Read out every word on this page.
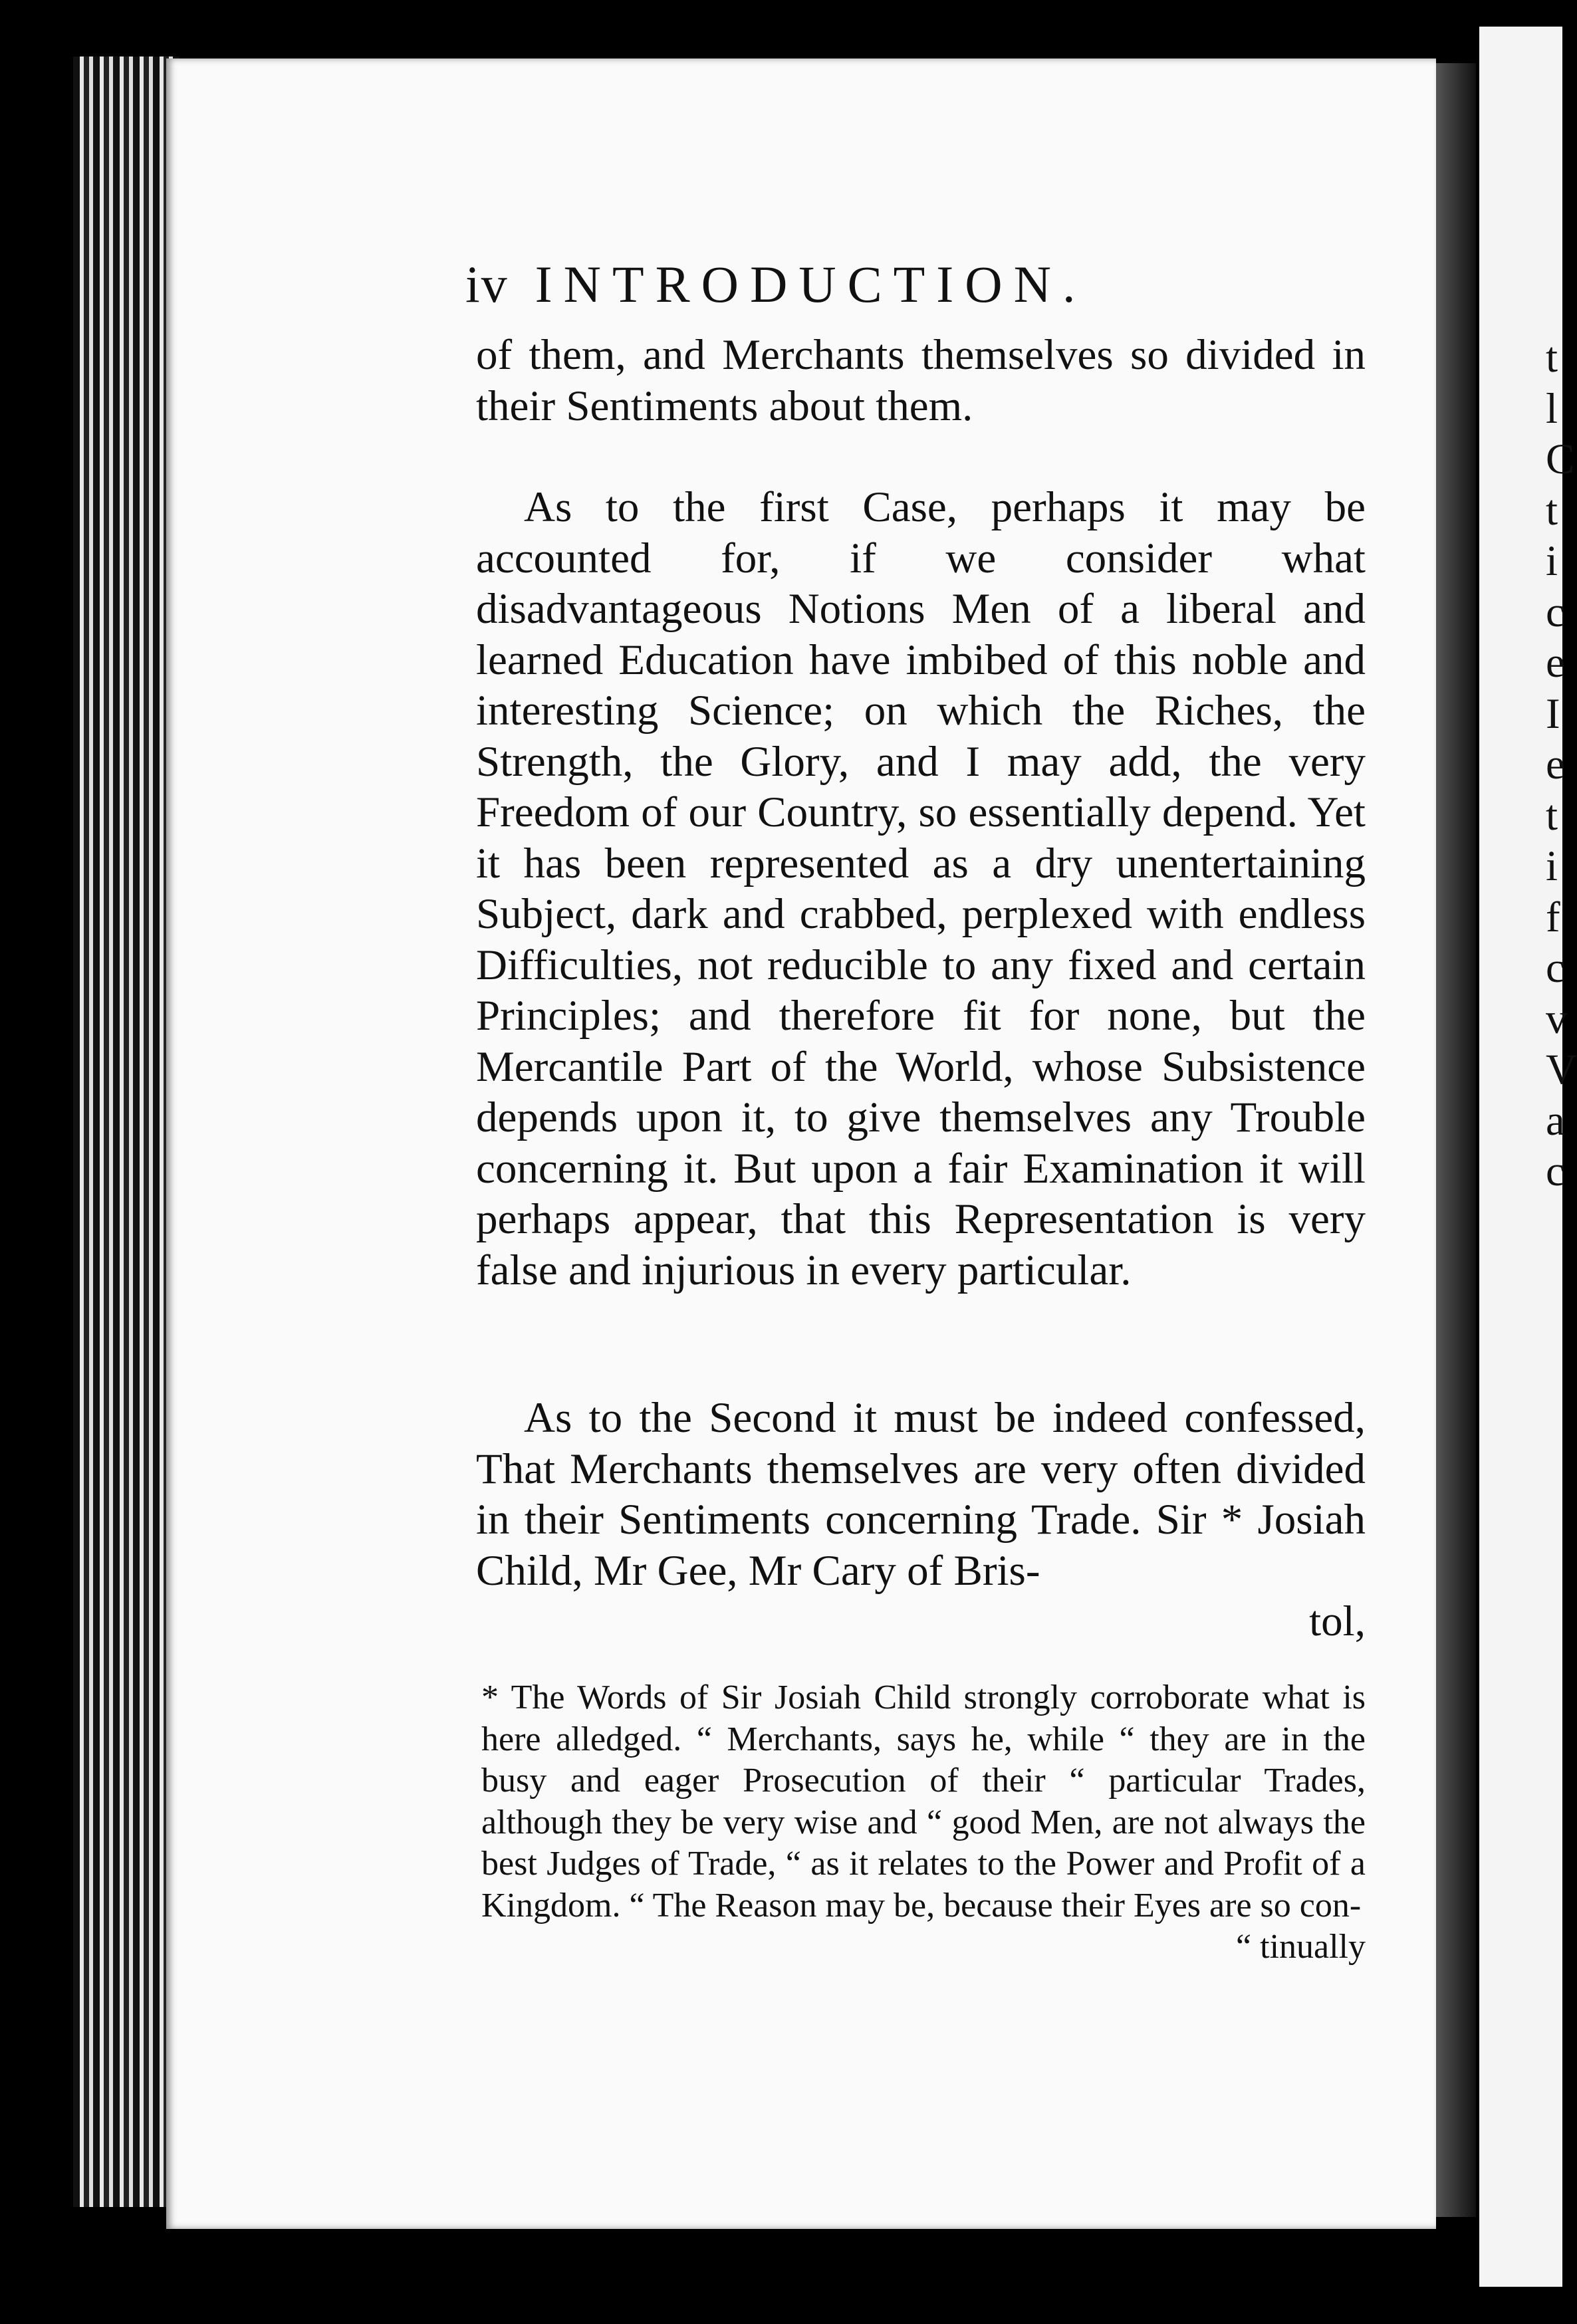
t l C t i c e I e t i f c v V a c
iv INTRODUCTION.

of them, and Merchants themselves so divided in their Sentiments about them.

As to the first Case, perhaps it may be accounted for, if we consider what disadvantageous Notions Men of a liberal and learned Education have imbibed of this noble and interesting Science; on which the Riches, the Strength, the Glory, and I may add, the very Freedom of our Country, so essentially depend. Yet it has been represented as a dry unentertaining Subject, dark and crabbed, perplexed with endless Difficulties, not reducible to any fixed and certain Principles; and therefore fit for none, but the Mercantile Part of the World, whose Subsistence depends upon it, to give themselves any Trouble concerning it. But upon a fair Examination it will perhaps appear, that this Representation is very false and injurious in every particular.

As to the Second it must be indeed confessed, That Merchants themselves are very often divided in their Sentiments concerning Trade. Sir * Josiah Child, Mr Gee, Mr Cary of Bris-

tol,

* The Words of Sir Josiah Child strongly corroborate what is here alledged. “ Merchants, says he, while “ they are in the busy and eager Prosecution of their “ particular Trades, although they be very wise and “ good Men, are not always the best Judges of Trade, “ as it relates to the Power and Profit of a Kingdom. “ The Reason may be, because their Eyes are so con-

“ tinually
